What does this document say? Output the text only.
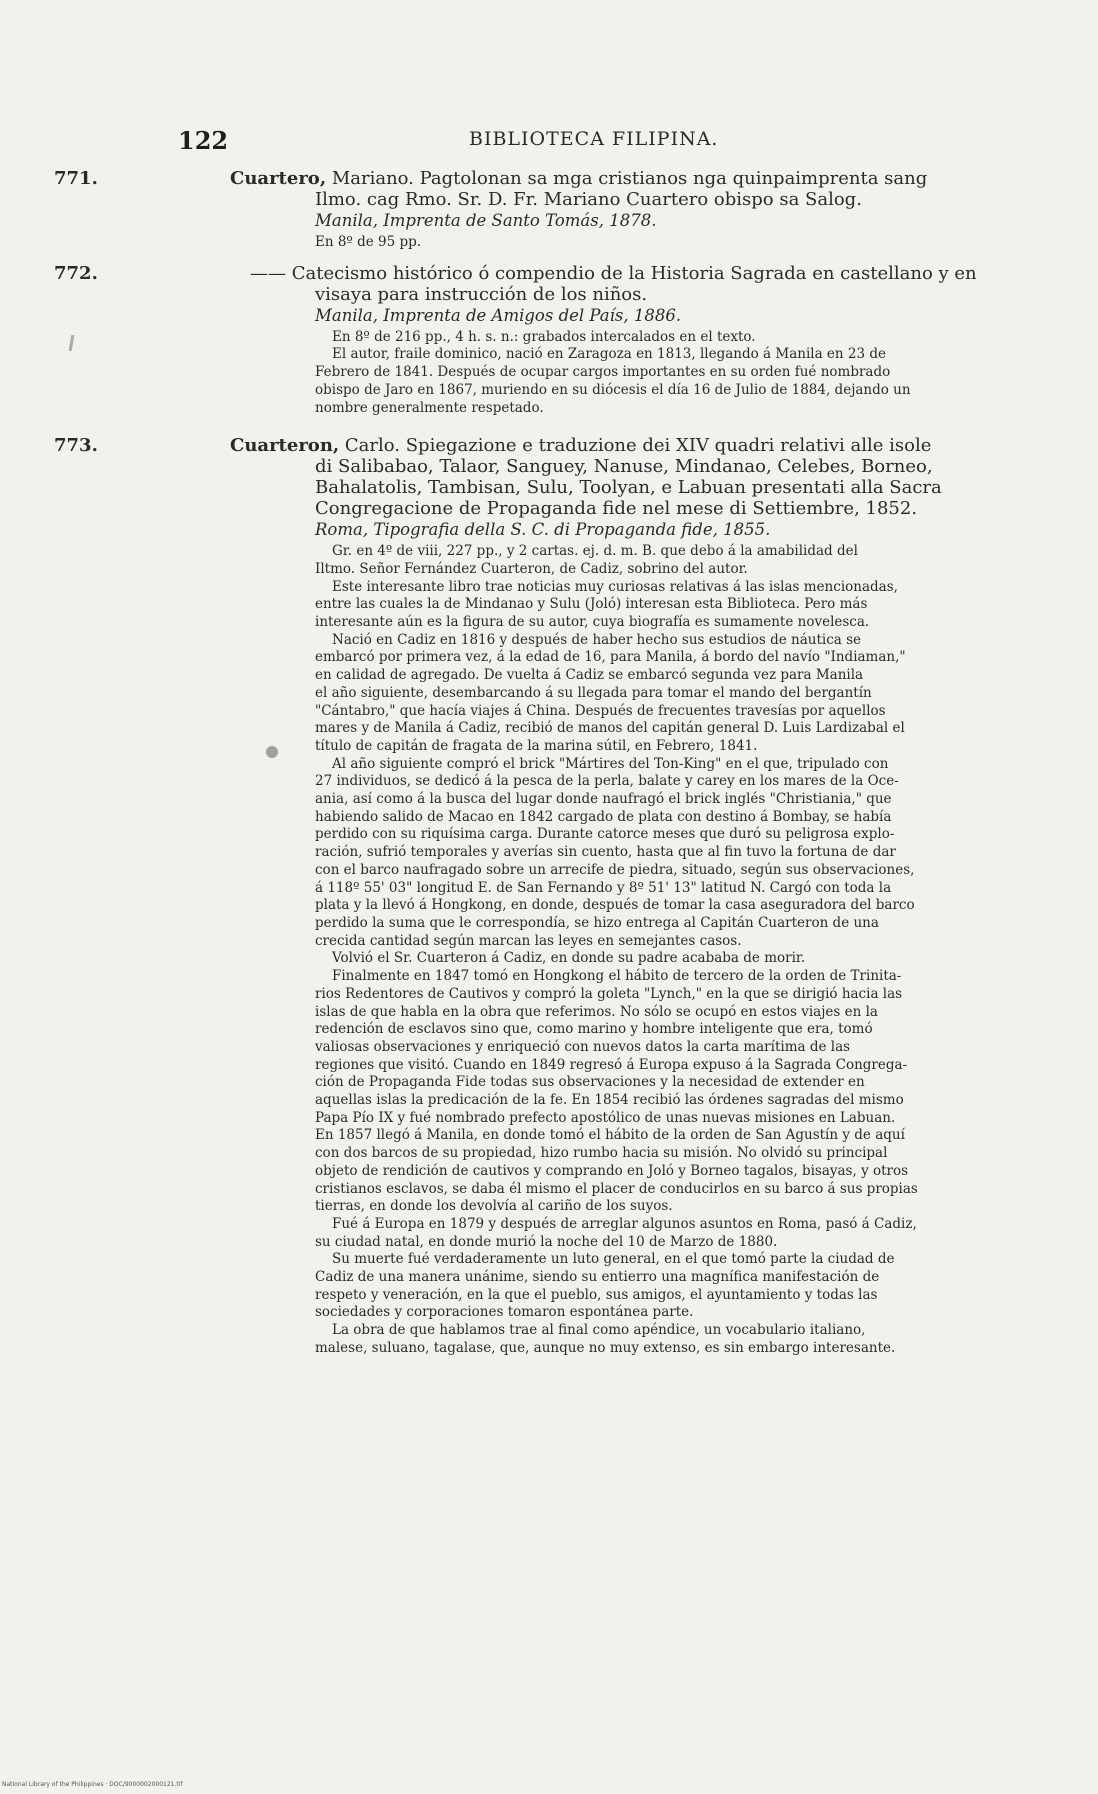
122	BIBLIOTECA FILIPINA.
771.	Cuartero, Mariano. Pagtolonan sa mga cristianos nga quinpaimprenta sang
Ilmo. cag Rmo. Sr. D. Fr. Mariano Cuartero obispo sa Salog.
Manila, Imprenta de Santo Tomás, 1878.
En 8º de 95 pp.
772.	—— Catecismo histórico ó compendio de la Historia Sagrada en castellano y en
visaya para instrucción de los niños.
Manila, Imprenta de Amigos del País, 1886.
En 8º de 216 pp., 4 h. s. n.: grabados intercalados en el texto.
El autor, fraile dominico, nació en Zaragoza en 1813, llegando á Manila en 23 de
Febrero de 1841. Después de ocupar cargos importantes en su orden fué nombrado
obispo de Jaro en 1867, muriendo en su diócesis el día 16 de Julio de 1884, dejando un
nombre generalmente respetado.
773.	Cuarteron, Carlo. Spiegazione e traduzione dei XIV quadri relativi alle isole
di Salibabao, Talaor, Sanguey, Nanuse, Mindanao, Celebes, Borneo,
Bahalatolis, Tambisan, Sulu, Toolyan, e Labuan presentati alla Sacra
Congregacione de Propaganda fide nel mese di Settiembre, 1852.
Roma, Tipografia della S. C. di Propaganda fide, 1855.
Gr. en 4º de viii, 227 pp., y 2 cartas. ej. d. m. B. que debo á la amabilidad del
Iltmo. Señor Fernández Cuarteron, de Cadiz, sobrino del autor.
Este interesante libro trae noticias muy curiosas relativas á las islas mencionadas,
entre las cuales la de Mindanao y Sulu (Joló) interesan esta Biblioteca. Pero más
interesante aún es la figura de su autor, cuya biografía es sumamente novelesca.
Nació en Cadiz en 1816 y después de haber hecho sus estudios de náutica se
embarcó por primera vez, á la edad de 16, para Manila, á bordo del navío "Indiaman,"
en calidad de agregado. De vuelta á Cadiz se embarcó segunda vez para Manila
el año siguiente, desembarcando á su llegada para tomar el mando del bergantín
"Cántabro," que hacía viajes á China. Después de frecuentes travesías por aquellos
mares y de Manila á Cadiz, recibió de manos del capitán general D. Luis Lardizabal el
título de capitán de fragata de la marina sútil, en Febrero, 1841.
Al año siguiente compró el brick "Mártires del Ton-King" en el que, tripulado con
27 individuos, se dedicó á la pesca de la perla, balate y carey en los mares de la Oce-
ania, así como á la busca del lugar donde naufragó el brick inglés "Christiania," que
habiendo salido de Macao en 1842 cargado de plata con destino á Bombay, se había
perdido con su riquísima carga. Durante catorce meses que duró su peligrosa explo-
ración, sufrió temporales y averías sin cuento, hasta que al fin tuvo la fortuna de dar
con el barco naufragado sobre un arrecife de piedra, situado, según sus observaciones,
á 118º 55' 03" longitud E. de San Fernando y 8º 51' 13" latitud N. Cargó con toda la
plata y la llevó á Hongkong, en donde, después de tomar la casa aseguradora del barco
perdido la suma que le correspondía, se hizo entrega al Capitán Cuarteron de una
crecida cantidad según marcan las leyes en semejantes casos.
Volvió el Sr. Cuarteron á Cadiz, en donde su padre acababa de morir.
Finalmente en 1847 tomó en Hongkong el hábito de tercero de la orden de Trinita-
rios Redentores de Cautivos y compró la goleta "Lynch," en la que se dirigió hacia las
islas de que habla en la obra que referimos. No sólo se ocupó en estos viajes en la
redención de esclavos sino que, como marino y hombre inteligente que era, tomó
valiosas observaciones y enriqueció con nuevos datos la carta marítima de las
regiones que visitó. Cuando en 1849 regresó á Europa expuso á la Sagrada Congrega-
ción de Propaganda Fide todas sus observaciones y la necesidad de extender en
aquellas islas la predicación de la fe. En 1854 recibió las órdenes sagradas del mismo
Papa Pío IX y fué nombrado prefecto apostólico de unas nuevas misiones en Labuan.
En 1857 llegó á Manila, en donde tomó el hábito de la orden de San Agustín y de aquí
con dos barcos de su propiedad, hizo rumbo hacia su misión. No olvidó su principal
objeto de rendición de cautivos y comprando en Joló y Borneo tagalos, bisayas, y otros
cristianos esclavos, se daba él mismo el placer de conducirlos en su barco á sus propias
tierras, en donde los devolvía al cariño de los suyos.
Fué á Europa en 1879 y después de arreglar algunos asuntos en Roma, pasó á Cadiz,
su ciudad natal, en donde murió la noche del 10 de Marzo de 1880.
Su muerte fué verdaderamente un luto general, en el que tomó parte la ciudad de
Cadiz de una manera unánime, siendo su entierro una magnífica manifestación de
respeto y veneración, en la que el pueblo, sus amigos, el ayuntamiento y todas las
sociedades y corporaciones tomaron espontánea parte.
La obra de que hablamos trae al final como apéndice, un vocabulario italiano,
malese, suluano, tagalase, que, aunque no muy extenso, es sin embargo interesante.
National Library of the Philippines · DOC/9000002000121.tif
